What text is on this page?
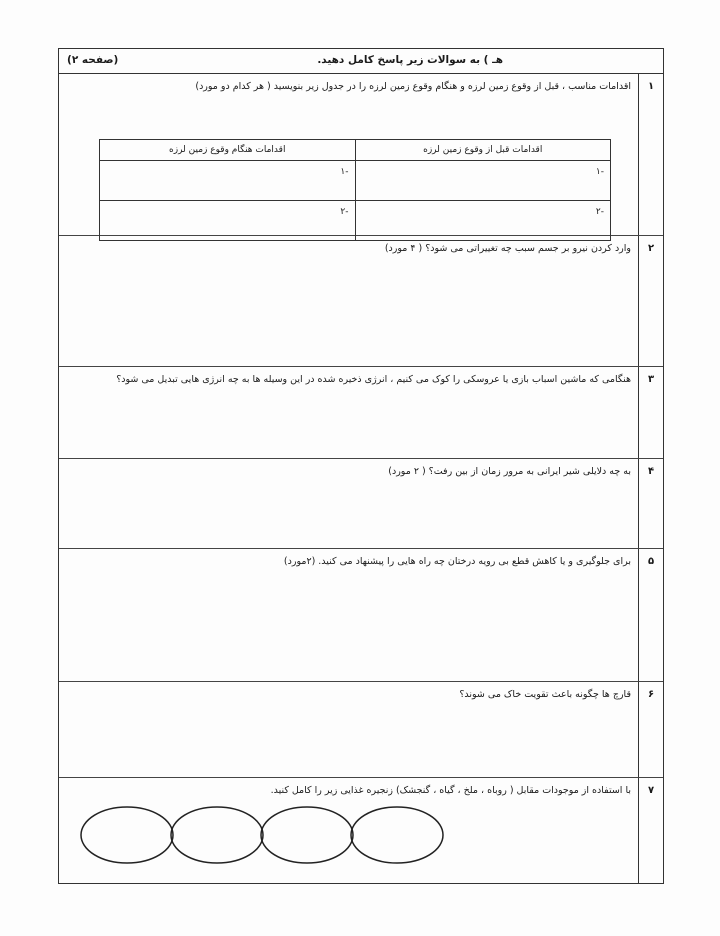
هـ ) به سوالات زیر پاسخ کامل دهید.
(صفحه ۲)
۱
اقدامات مناسب ، قبل از وقوع زمین لرزه و هنگام وقوع زمین لرزه را در جدول زیر بنویسید ( هر کدام دو مورد)
اقدامات قبل از وقوع زمین لرزه	اقدامات هنگام وقوع زمین لرزه
-۱	-۱
-۲	-۲
۲
وارد کردن نیرو بر جسم سبب چه تغییراتی می شود؟ ( ۴ مورد)
۳
هنگامی که ماشین اسباب بازی یا عروسکی را کوک می کنیم ، انرژی ذخیره شده در این وسیله ها به چه انرژی هایی تبدیل می شود؟
۴
به چه دلایلی شیر ایرانی به مرور زمان از بین رفت؟ ( ۲ مورد)
۵
برای جلوگیری و یا کاهش قطع بی رویه درختان چه راه هایی را پیشنهاد می کنید. (۲مورد)
۶
قارچ ها چگونه باعث تقویت خاک می شوند؟
۷
با استفاده از موجودات مقابل ( روباه ، ملخ ، گیاه ، گنجشک) زنجیره غذایی زیر را کامل کنید.
